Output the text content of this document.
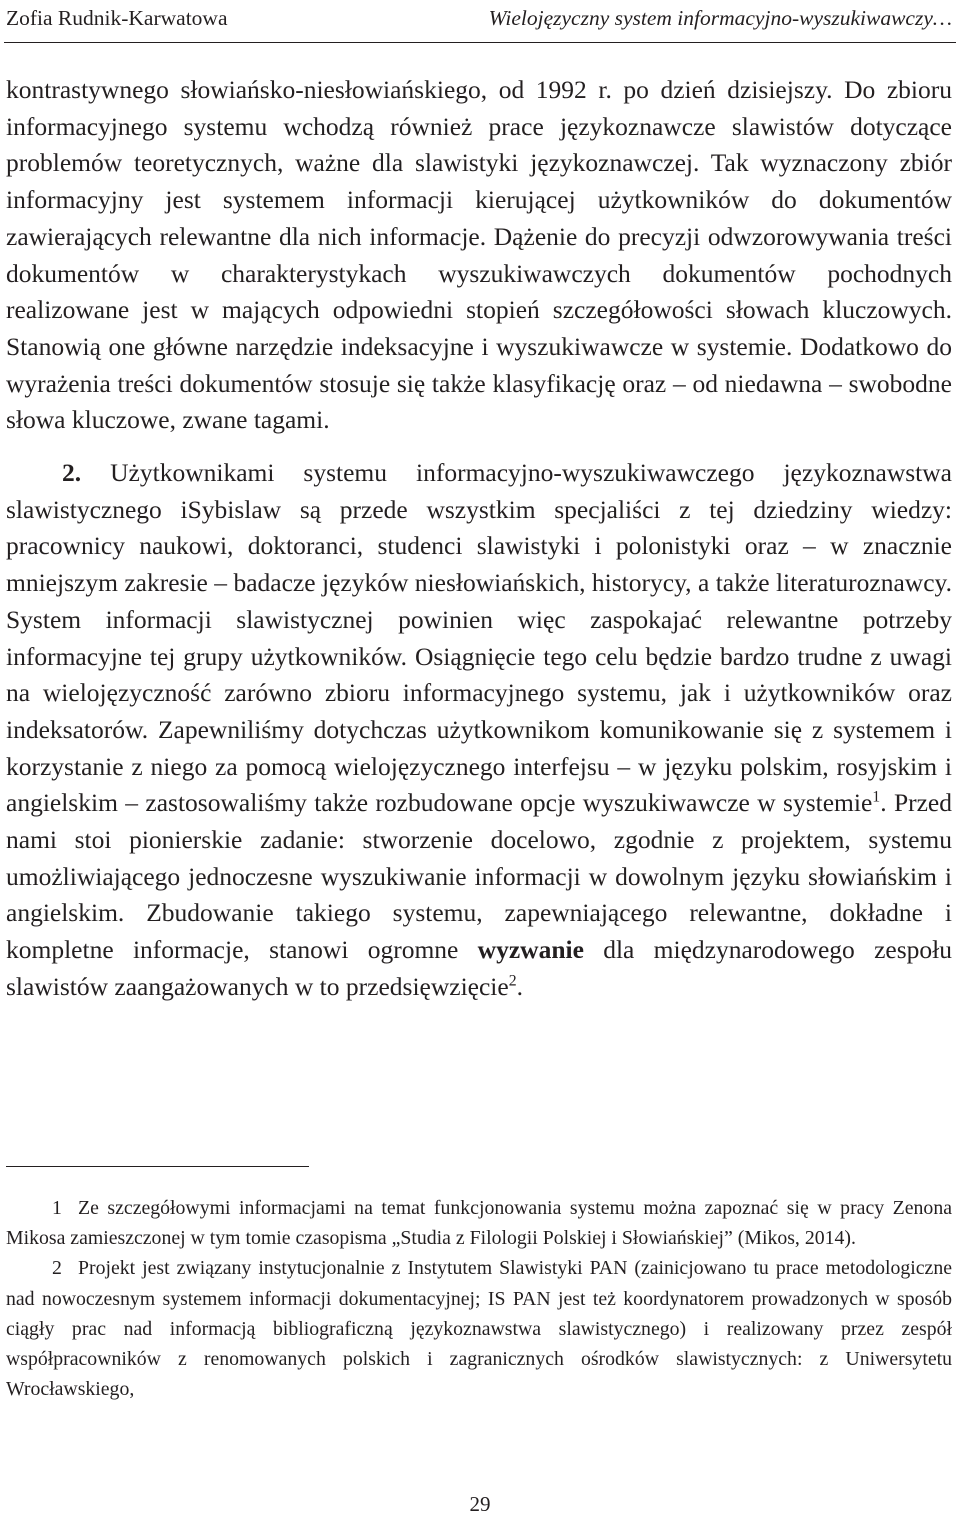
Zofia Rudnik-Karwatowa	Wielojęzyczny system informacyjno-wyszukiwawczy…

kontrastywnego słowiańsko-niesłowiańskiego, od 1992 r. po dzień dzisiejszy. Do zbioru informacyjnego systemu wchodzą również prace językoznawcze slawistów dotyczące problemów teoretycznych, ważne dla slawistyki językoznawczej. Tak wyznaczony zbiór informacyjny jest systemem informacji kierującej użytkowników do dokumentów zawierających relewantne dla nich informacje. Dążenie do precyzji odwzorowywania treści dokumentów w charakterystykach wyszukiwawczych dokumentów pochodnych realizowane jest w mających odpowiedni stopień szczegółowości słowach kluczowych. Stanowią one główne narzędzie indeksacyjne i wyszukiwawcze w systemie. Dodatkowo do wyrażenia treści dokumentów stosuje się także klasyfikację oraz – od niedawna – swobodne słowa kluczowe, zwane tagami.

2. Użytkownikami systemu informacyjno-wyszukiwawczego językoznawstwa slawistycznego iSybislaw są przede wszystkim specjaliści z tej dziedziny wiedzy: pracownicy naukowi, doktoranci, studenci slawistyki i polonistyki oraz – w znacznie mniejszym zakresie – badacze języków niesłowiańskich, historycy, a także literaturoznawcy. System informacji slawistycznej powinien więc zaspokajać relewantne potrzeby informacyjne tej grupy użytkowników. Osiągnięcie tego celu będzie bardzo trudne z uwagi na wielojęzyczność zarówno zbioru informacyjnego systemu, jak i użytkowników oraz indeksatorów. Zapewniliśmy dotychczas użytkownikom komunikowanie się z systemem i korzystanie z niego za pomocą wielojęzycznego interfejsu – w języku polskim, rosyjskim i angielskim – zastosowaliśmy także rozbudowane opcje wyszukiwawcze w systemie$^1$. Przed nami stoi pionierskie zadanie: stworzenie docelowo, zgodnie z projektem, systemu umożliwiającego jednoczesne wyszukiwanie informacji w dowolnym języku słowiańskim i angielskim. Zbudowanie takiego systemu, zapewniającego relewantne, dokładne i kompletne informacje, stanowi ogromne wyzwanie dla międzynarodowego zespołu slawistów zaangażowanych w to przedsięwzięcie$^2$.

1 Ze szczegółowymi informacjami na temat funkcjonowania systemu można zapoznać się w pracy Zenona Mikosa zamieszczonej w tym tomie czasopisma „Studia z Filologii Polskiej i Słowiańskiej” (Mikos, 2014).

2 Projekt jest związany instytucjonalnie z Instytutem Slawistyki PAN (zainicjowano tu prace metodologiczne nad nowoczesnym systemem informacji dokumentacyjnej; IS PAN jest też koordynatorem prowadzonych w sposób ciągły prac nad informacją bibliograficzną językoznawstwa slawistycznego) i realizowany przez zespół współpracowników z renomowanych polskich i zagranicznych ośrodków slawistycznych: z Uniwersytetu Wrocławskiego,

29
